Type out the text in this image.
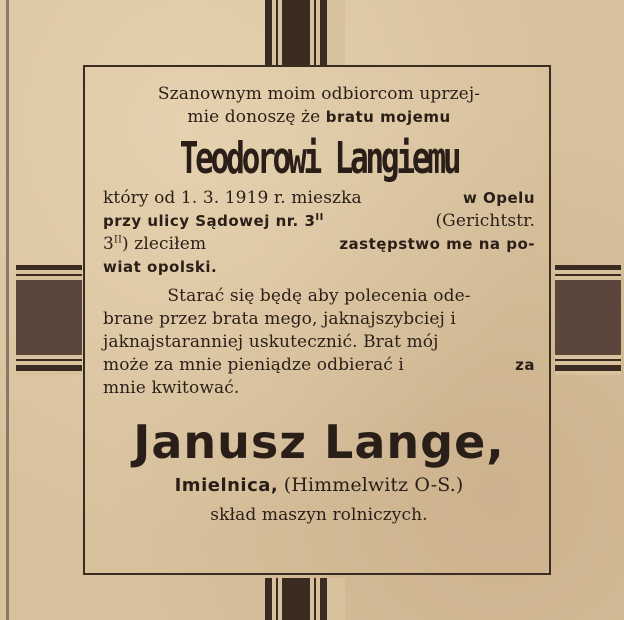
Szanownym moim odbiorcom uprzej-
mie donoszę że bratu mojemu
Teodorowi Langiemu
który od 1. 3. 1919 r. mieszka	w Opelu
przy ulicy Sądowej nr. $3^{II}$	(Gerichtstr.
$3^{II}$) zleciłem	zastępstwo me na po-
wiat opolski.
Starać się będę aby polecenia ode-
brane przez brata mego, jaknajszybciej i
jaknajstaranniej uskutecznić. Brat mój
może za mnie pieniądze odbierać i	za
mnie kwitować.
Janusz Lange,
Imielnica, (Himmelwitz O-S.)
skład maszyn rolniczych.
